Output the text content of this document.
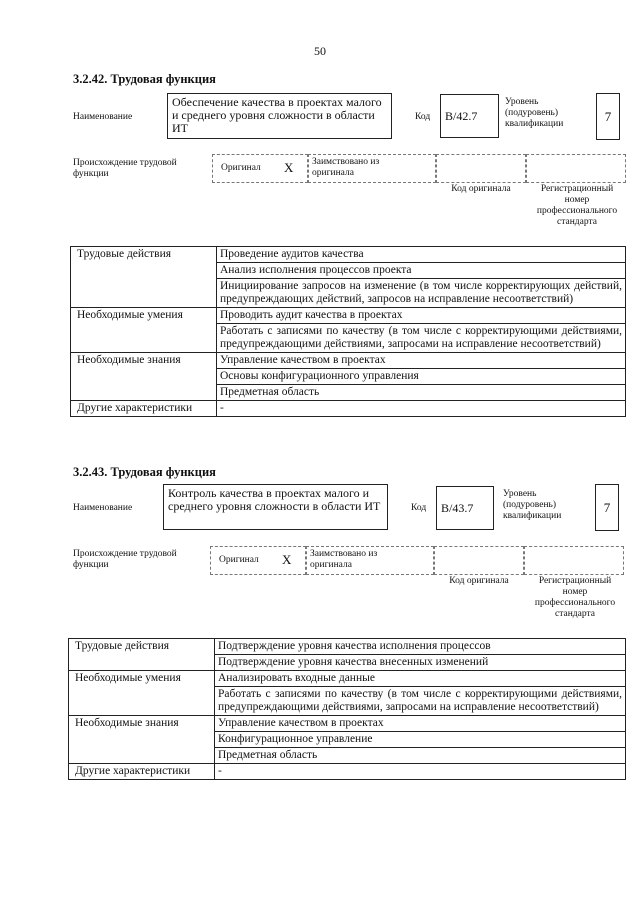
50
3.2.42. Трудовая функция
Наименование
Обеспечение качества в проектах малого и среднего уровня сложности в области ИТ
Код	B/42.7
Уровень (подуровень) квалификации
7
Происхождение трудовой функции
Оригинал X Заимствовано из оригинала
Код оригинала	Регистрационный номер профессионального стандарта
Трудовые действия	Проведение аудитов качества
	Анализ исполнения процессов проекта
	Инициирование запросов на изменение (в том числе корректирующих действий, предупреждающих действий, запросов на исправление несоответствий)
Необходимые умения	Проводить аудит качества в проектах
	Работать с записями по качеству (в том числе с корректирующими действиями, предупреждающими действиями, запросами на исправление несоответствий)
Необходимые знания	Управление качеством в проектах
	Основы конфигурационного управления
	Предметная область
Другие характеристики	-
3.2.43. Трудовая функция
Наименование
Контроль качества в проектах малого и среднего уровня сложности в области ИТ	Код	B/43.7
Уровень (подуровень) квалификации
7
Происхождение трудовой функции	Оригинал X Заимствовано из оригинала
Код оригинала	Регистрационный номер профессионального стандарта
Трудовые действия	Подтверждение уровня качества исполнения процессов
	Подтверждение уровня качества внесенных изменений
Необходимые умения	Анализировать входные данные
	Работать с записями по качеству (в том числе с корректирующими действиями, предупреждающими действиями, запросами на исправление несоответствий)
Необходимые знания	Управление качеством в проектах
	Конфигурационное управление
	Предметная область
Другие характеристики	-
